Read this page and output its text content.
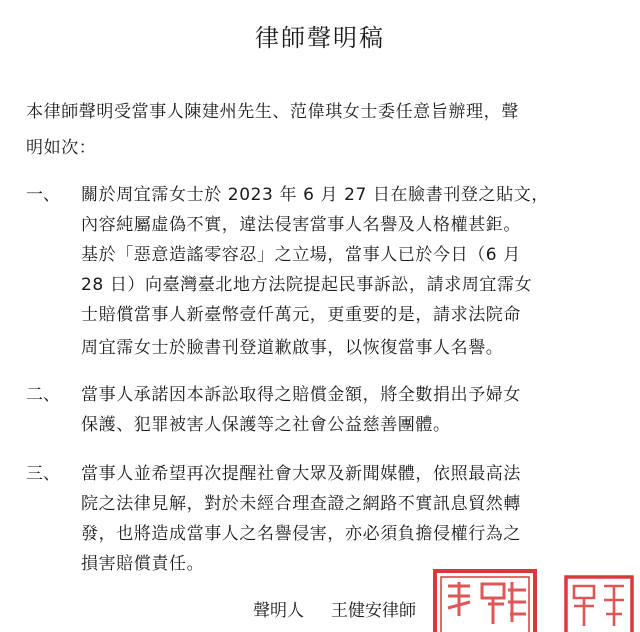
律師聲明稿
本律師聲明受當事人陳建州先生、范偉琪女士委任意旨辦理，聲
明如次：
一、 關於周宜霈女士於 2023 年 6 月 27 日在臉書刊登之貼文，
內容純屬虛偽不實，違法侵害當事人名譽及人格權甚鉅。
基於「惡意造謠零容忍」之立場，當事人已於今日（6 月
28 日）向臺灣臺北地方法院提起民事訴訟，請求周宜霈女
士賠償當事人新臺幣壹仟萬元，更重要的是，請求法院命
周宜霈女士於臉書刊登道歉啟事，以恢復當事人名譽。
二、 當事人承諾因本訴訟取得之賠償金額，將全數捐出予婦女
保護、犯罪被害人保護等之社會公益慈善團體。
三、 當事人並希望再次提醒社會大眾及新聞媒體，依照最高法
院之法律見解，對於未經合理查證之網路不實訊息貿然轉
發，也將造成當事人之名譽侵害，亦必須負擔侵權行為之
損害賠償責任。
聲明人 王健安律師
